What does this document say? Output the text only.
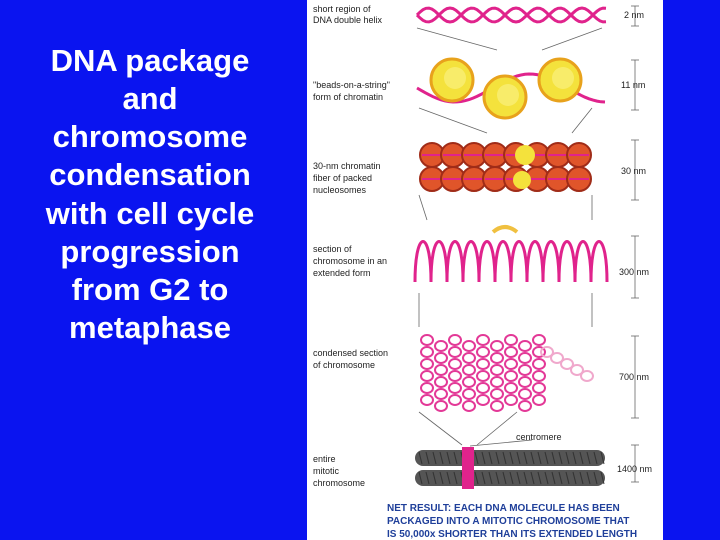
DNA package
and
chromosome
condensation
with cell cycle
progression
from G2 to
metaphase
short region of
DNA double helix
"beads-on-a-string"
form of chromatin
30-nm chromatin
fiber of packed
nucleosomes
section of
chromosome in an
extended form
condensed section
of chromosome
entire
mitotic
chromosome
2 nm
11 nm
30 nm
300 nm
700 nm
1400 nm
centromere
NET RESULT: EACH DNA MOLECULE HAS BEEN
PACKAGED INTO A MITOTIC CHROMOSOME THAT
IS 50,000x SHORTER THAN ITS EXTENDED LENGTH
